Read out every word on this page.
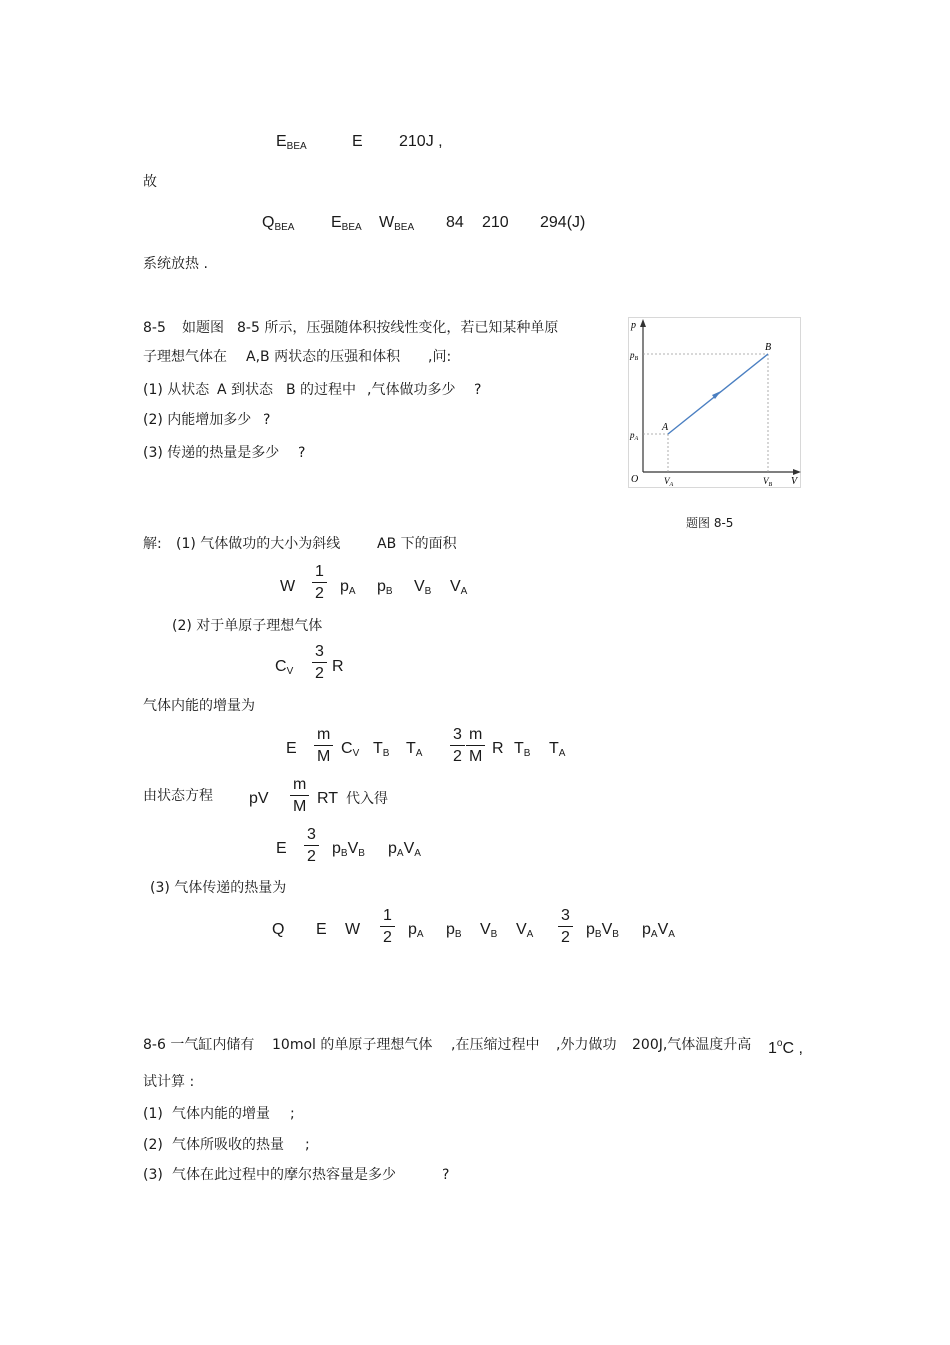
$E_{BEA}$	E 210J ,
故
$Q_{BEA}$ $E_{BEA}$ $W_{BEA}$ 84 210 294(J)
系统放热 .
8-5 如题图 8-5 所示，压强随体积按线性变化，若已知某种单原
子理想气体在 A,B 两状态的压强和体积 ,问:
(1) 从状态 A 到状态 B 的过程中 ,气体做功多少 ?
(2) 内能增加多少 ?
(3) 传递的热量是多少 ?
p
$p_B$
$p_A$
O	$V_A$	$V_B$ V
A
B
题图 8-5
解: (1) 气体做功的大小为斜线	AB 下的面积
W $\frac{1}{2} p_A$ $p_B$ $V_B$ $V_A$
(2) 对于单原子理想气体
$C_V \frac{3}{2}$ R
气体内能的增量为
E $\frac{m}{M} C_V$ $T_B$ $T_A \frac{3}{2} \frac{m}{M}$ R $T_B$ $T_A$
由状态方程 pV $\frac{m}{M}$ RT 代入得
E $\frac{3}{2} p_BV_B$ $p_AV_A$
(3) 气体传递的热量为
Q E W $\frac{1}{2} p_A$ $p_B$ $V_B$ $V_A \frac{3}{2} p_BV_B$ $p_AV_A$
8-6 一气缸内储有 10mol 的单原子理想气体 ,在压缩过程中 ,外力做功 200J,气体温度升高 1$^o$C ,
试计算 :
(1) 气体内能的增量 ;
(2) 气体所吸收的热量 ;
(3) 气体在此过程中的摩尔热容量是多少	?
